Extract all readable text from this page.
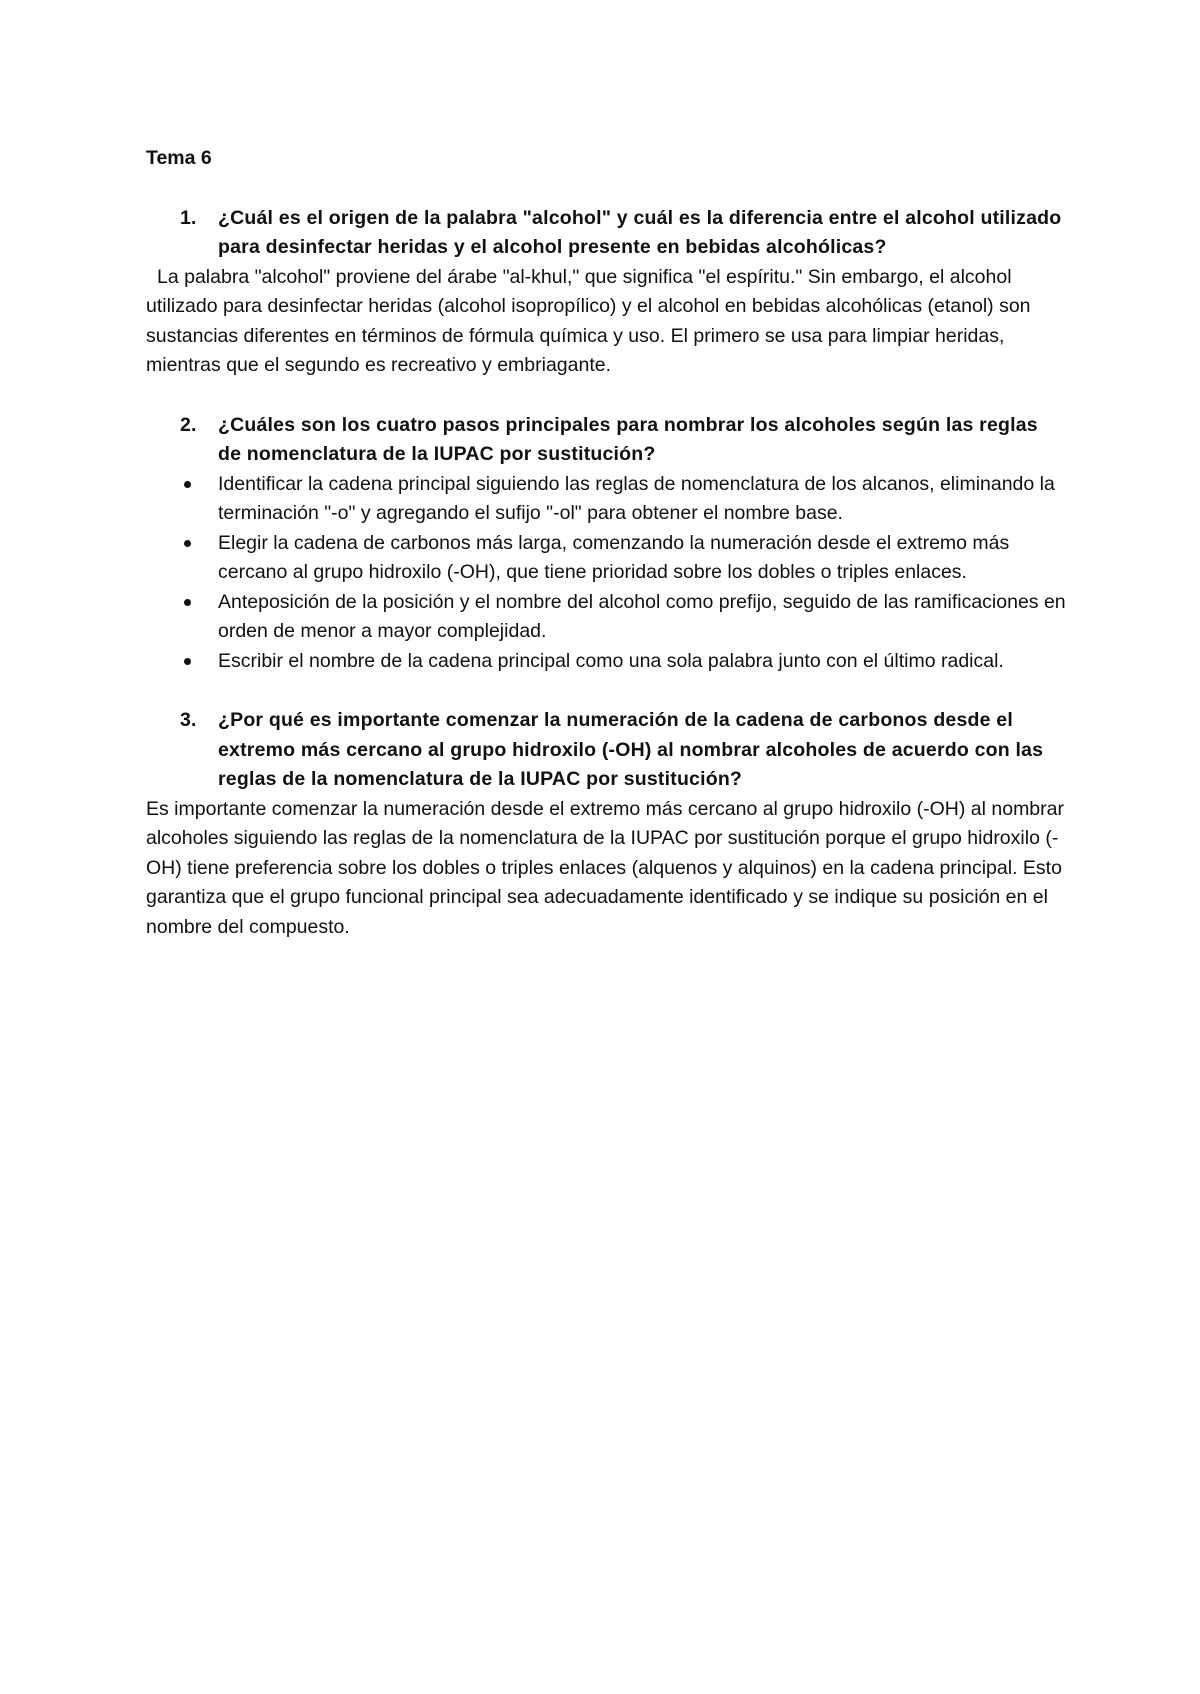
Tema 6
1.	¿Cuál es el origen de la palabra "alcohol" y cuál es la diferencia entre el alcohol utilizado para desinfectar heridas y el alcohol presente en bebidas alcohólicas?

La palabra "alcohol" proviene del árabe "al-khul," que significa "el espíritu." Sin embargo, el alcohol utilizado para desinfectar heridas (alcohol isopropílico) y el alcohol en bebidas alcohólicas (etanol) son sustancias diferentes en términos de fórmula química y uso. El primero se usa para limpiar heridas, mientras que el segundo es recreativo y embriagante.

2.	¿Cuáles son los cuatro pasos principales para nombrar los alcoholes según las reglas de nomenclatura de la IUPAC por sustitución?
Identificar la cadena principal siguiendo las reglas de nomenclatura de los alcanos, eliminando la terminación "-o" y agregando el sufijo "-ol" para obtener el nombre base.
Elegir la cadena de carbonos más larga, comenzando la numeración desde el extremo más cercano al grupo hidroxilo (-OH), que tiene prioridad sobre los dobles o triples enlaces.
Anteposición de la posición y el nombre del alcohol como prefijo, seguido de las ramificaciones en orden de menor a mayor complejidad.
Escribir el nombre de la cadena principal como una sola palabra junto con el último radical.
3.	¿Por qué es importante comenzar la numeración de la cadena de carbonos desde el extremo más cercano al grupo hidroxilo (-OH) al nombrar alcoholes de acuerdo con las reglas de la nomenclatura de la IUPAC por sustitución?

Es importante comenzar la numeración desde el extremo más cercano al grupo hidroxilo (-OH) al nombrar alcoholes siguiendo las reglas de la nomenclatura de la IUPAC por sustitución porque el grupo hidroxilo (-OH) tiene preferencia sobre los dobles o triples enlaces (alquenos y alquinos) en la cadena principal. Esto garantiza que el grupo funcional principal sea adecuadamente identificado y se indique su posición en el nombre del compuesto.
